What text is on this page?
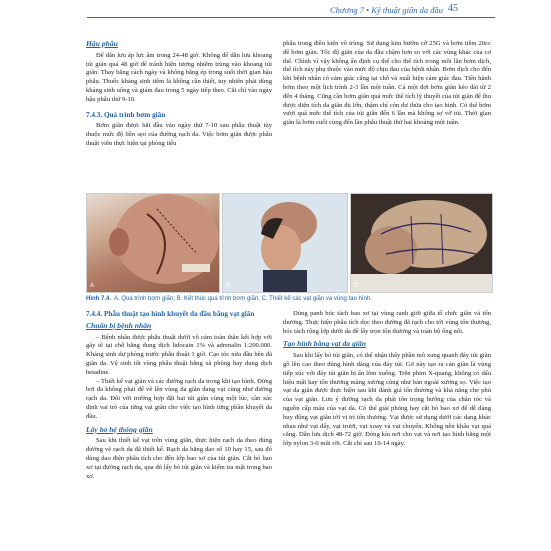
Chương 7 • Kỹ thuật giãn da đầu 45
Hậu phẫu

Để dẫn lưu áp lực âm trong 24-48 giờ. Không để dẫn lưu khoang túi giãn quá 48 giờ để tránh hiện tượng nhiễm trùng vào khoang túi giãn. Thay băng cách ngày và không băng ép trong suốt thời gian hậu phẫu. Thuốc kháng sinh tiêm là không cần thiết, tuy nhiên phải dùng kháng sinh uống và giảm đau trong 5 ngày tiếp theo. Cắt chỉ vào ngày hậu phẫu thứ 9-10.

7.4.3. Quá trình bơm giãn

Bơm giãn được bắt đầu vào ngày thứ 7-10 sau phẫu thuật tùy thuộc mức độ liền sẹo của đường rạch da. Việc bơm giãn được phẫu thuật viên thực hiện tại phòng tiểu

phẫu trong điều kiện vô trùng. Sử dụng kim bướm cỡ 25G và bơm tiêm 20cc để bơm giãn. Tốc độ giãn của da đầu chậm hơn so với các vùng khác của cơ thể. Chính vì vậy không ấn định cụ thể cho thể tích trong mỗi lần bơm dịch, thể tích này phụ thuộc vào mức độ chịu đau của bệnh nhân. Bơm dịch cho đến khi bệnh nhân có cảm giác căng tại chỗ và xuất hiện cảm giác đau. Tiến hành bơm theo một lịch trình 2-3 lần một tuần. Cả một đợt bơm giãn kéo dài từ 2 đến 4 tháng. Cũng cần bơm giãn quá mức thể tích lý thuyết của túi giãn để thu được diện tích da giãn đủ lớn, thậm chí còn dư thừa cho tạo hình. Có thể bơm vượt quá mức thể tích của túi giãn đến 6 lần mà không sợ vỡ túi. Thời gian giãn là bơm cuối cùng đến lần phẫu thuật thứ hai khoảng một tuần.

A	B	C
Hình 7.4. A. Quá trình bơm giãn; B. Kết thúc quá trình bơm giãn; C. Thiết kế các vạt giãn và vùng tạo hình.
7.4.4. Phẫu thuật tạo hình khuyết da đầu bằng vạt giãn
Chuẩn bị bệnh nhân

– Bệnh nhân được phẫu thuật dưới vô cảm toàn thân kết hợp với gây tê tại chỗ bằng dung dịch lidocain 1% và adrenalin 1:200.000. Kháng sinh dự phòng trước phẫu thuật 1 giờ. Cạo tóc nửa đầu bên đã giãn da. Vệ sinh tốt vùng phẫu thuật bằng xà phòng hay dung dịch betadine.

– Thiết kế vạt giãn và các đường rạch da trong khi tạo hình. Đừng bơi đa không phải để vẽ lên vùng da giãn đang vạt cùng như đường rạch da. Đối với trường hợp đặt hai túi giãn cùng một lúc, cần xác định vai trò của từng vạt giãn cho việc tạo hình từng phần khuyết da đầu.

Lấy bỏ hệ thống giãn

Sau khi thiết kế vạt trên vùng giãn, thực hiện rạch da theo đúng đường vẽ rạch da đã thiết kế. Rạch da bằng dao số 10 hay 15, sau đó dùng dao điện phẫu tích cho đến lớp bao xơ của túi giãn. Cắt bỏ bao xơ tại đường rạch da, qua đó lấy bỏ túi giãn và kiểm tra mặt trong bao xơ.

Dùng panh bóc tách bao xơ tại vùng ranh giới giữa tổ chức giãn và tổn thương. Thực hiện phẫu tích dọc theo đường đã rạch cho tới vùng tổn thương, bóc tách rộng lớp dưới da để lấy trọn tổn thương và toàn bộ ổng nối.

Tạo hình bằng vạt da giãn

Sau khi lấy bỏ túi giãn, có thể nhận thấy phần mô xung quanh đáy túi giãn gồ lên cao theo đúng hình dáng của đáy túi. Gờ này tạo ra cản giãn là vùng tiếp xúc với đáy túi giãn bị ấn lõm xuống. Trên phim X-quang, không có dấu hiệu mất hay tổn thương màng xương cũng như bàn ngoài xương sọ. Việc tạo vạt da giãn được thực hiện sau khi đánh giá tổn thương và khả năng che phủ của vạt giãn. Lưu ý đường rạch da phải tôn trọng hướng của chân tóc và nguồn cấp máu của vạt da. Có thể giải phóng hay cắt bỏ bao xơ để dễ dàng huy động vạt giãn tới vị trí tổn thương. Vạt được sử dụng dưới các dạng khác nhau như vạt đẩy, vạt trượt, vạt xoay và vạt chuyển. Không nên khâu vạt quá căng. Dẫn lưu dịch 48-72 giờ. Đóng kín nơi cho vạt và nơi tạo hình bằng một lớp nylon 3-0 mũi rời. Cắt chỉ sau 10-14 ngày.
